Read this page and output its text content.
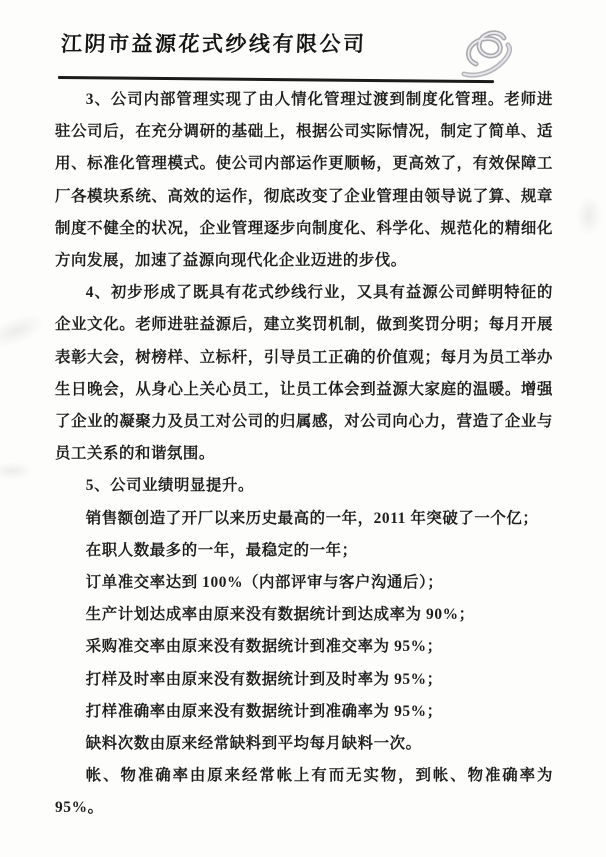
江阴市益源花式纱线有限公司

3、公司内部管理实现了由人情化管理过渡到制度化管理。老师进驻公司后，在充分调研的基础上，根据公司实际情况，制定了简单、适用、标准化管理模式。使公司内部运作更顺畅，更高效了，有效保障工厂各模块系统、高效的运作，彻底改变了企业管理由领导说了算、规章制度不健全的状况，企业管理逐步向制度化、科学化、规范化的精细化方向发展，加速了益源向现代化企业迈进的步伐。

4、初步形成了既具有花式纱线行业，又具有益源公司鲜明特征的企业文化。老师进驻益源后，建立奖罚机制，做到奖罚分明；每月开展表彰大会，树榜样、立标杆，引导员工正确的价值观；每月为员工举办生日晚会，从身心上关心员工，让员工体会到益源大家庭的温暖。增强了企业的凝聚力及员工对公司的归属感，对公司向心力，营造了企业与员工关系的和谐氛围。

5、公司业绩明显提升。

销售额创造了开厂以来历史最高的一年，2011 年突破了一个亿；

在职人数最多的一年，最稳定的一年；

订单准交率达到 100%（内部评审与客户沟通后）；

生产计划达成率由原来没有数据统计到达成率为 90%；

采购准交率由原来没有数据统计到准交率为 95%；

打样及时率由原来没有数据统计到及时率为 95%；

打样准确率由原来没有数据统计到准确率为 95%；

缺料次数由原来经常缺料到平均每月缺料一次。

帐、物准确率由原来经常帐上有而无实物，到帐、物准确率为 95%。
